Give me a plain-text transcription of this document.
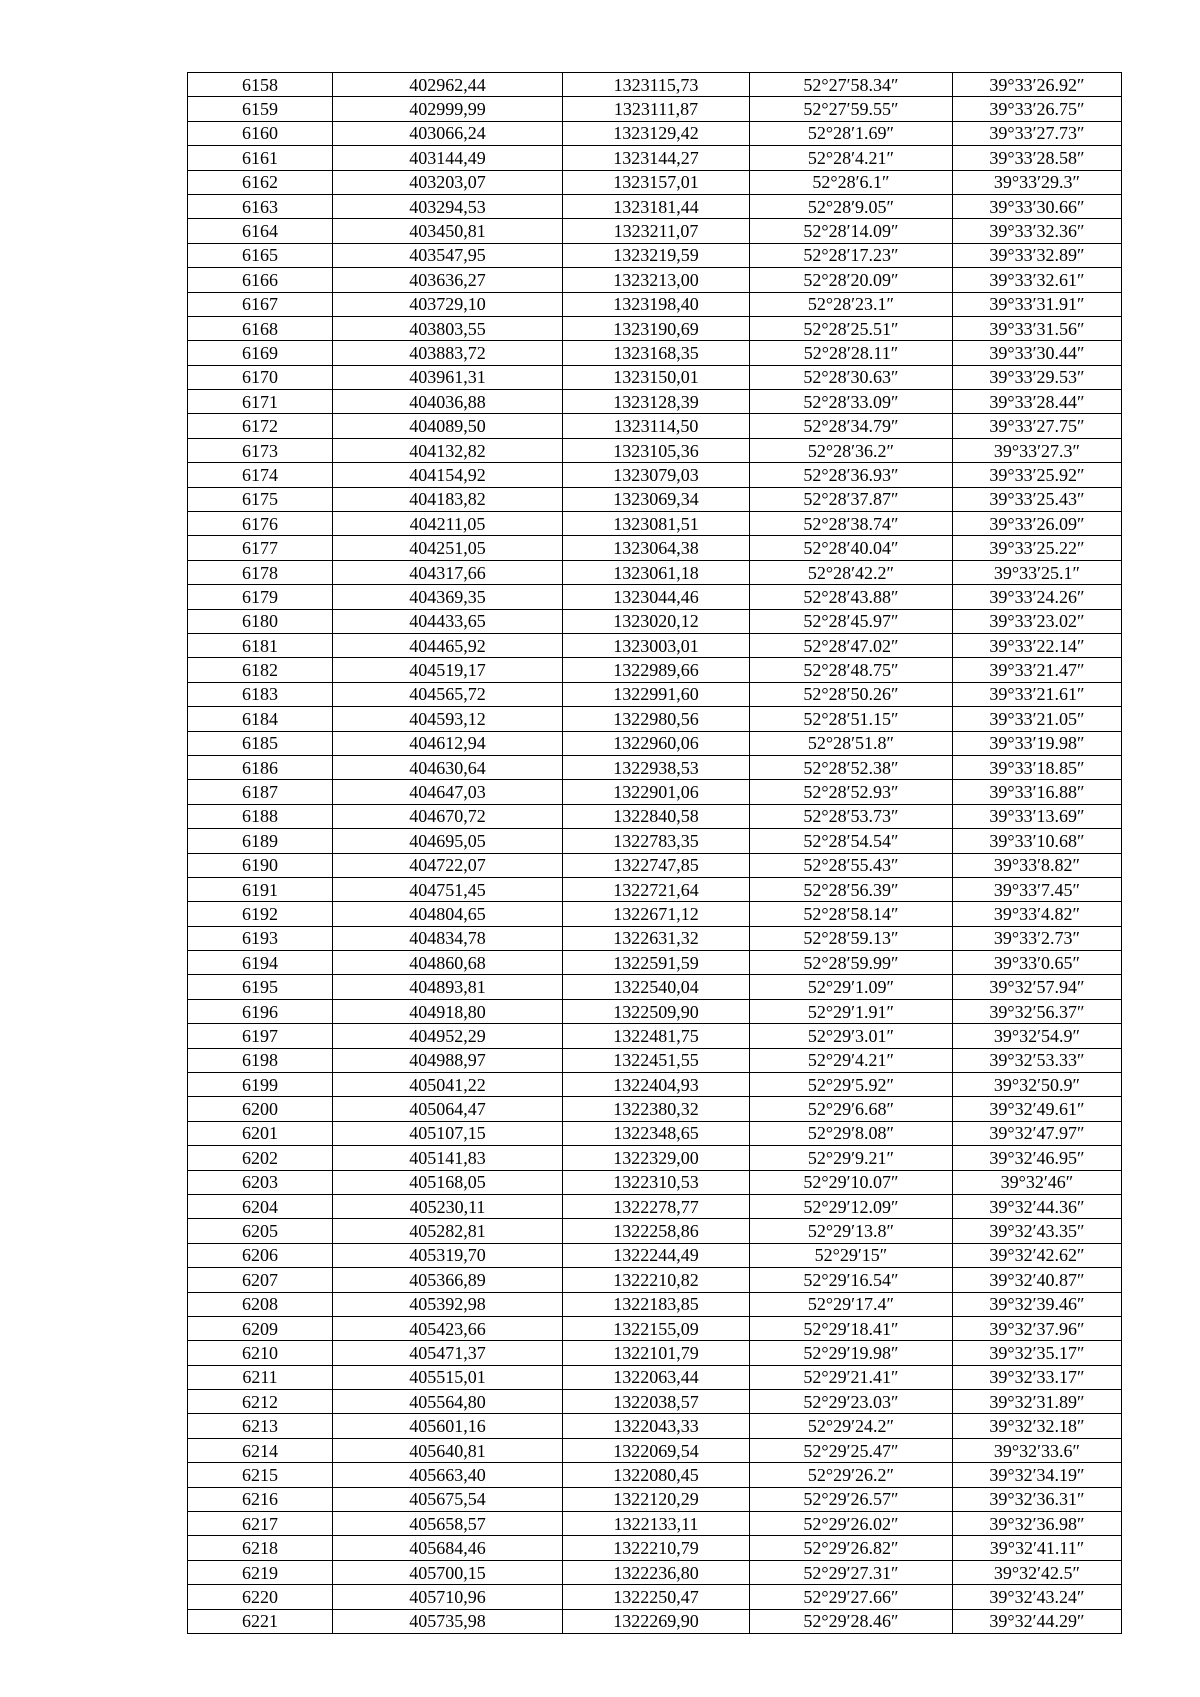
6158	402962,44	1323115,73	52°27′58.34″	39°33′26.92″
6159	402999,99	1323111,87	52°27′59.55″	39°33′26.75″
6160	403066,24	1323129,42	52°28′1.69″	39°33′27.73″
6161	403144,49	1323144,27	52°28′4.21″	39°33′28.58″
6162	403203,07	1323157,01	52°28′6.1″	39°33′29.3″
6163	403294,53	1323181,44	52°28′9.05″	39°33′30.66″
6164	403450,81	1323211,07	52°28′14.09″	39°33′32.36″
6165	403547,95	1323219,59	52°28′17.23″	39°33′32.89″
6166	403636,27	1323213,00	52°28′20.09″	39°33′32.61″
6167	403729,10	1323198,40	52°28′23.1″	39°33′31.91″
6168	403803,55	1323190,69	52°28′25.51″	39°33′31.56″
6169	403883,72	1323168,35	52°28′28.11″	39°33′30.44″
6170	403961,31	1323150,01	52°28′30.63″	39°33′29.53″
6171	404036,88	1323128,39	52°28′33.09″	39°33′28.44″
6172	404089,50	1323114,50	52°28′34.79″	39°33′27.75″
6173	404132,82	1323105,36	52°28′36.2″	39°33′27.3″
6174	404154,92	1323079,03	52°28′36.93″	39°33′25.92″
6175	404183,82	1323069,34	52°28′37.87″	39°33′25.43″
6176	404211,05	1323081,51	52°28′38.74″	39°33′26.09″
6177	404251,05	1323064,38	52°28′40.04″	39°33′25.22″
6178	404317,66	1323061,18	52°28′42.2″	39°33′25.1″
6179	404369,35	1323044,46	52°28′43.88″	39°33′24.26″
6180	404433,65	1323020,12	52°28′45.97″	39°33′23.02″
6181	404465,92	1323003,01	52°28′47.02″	39°33′22.14″
6182	404519,17	1322989,66	52°28′48.75″	39°33′21.47″
6183	404565,72	1322991,60	52°28′50.26″	39°33′21.61″
6184	404593,12	1322980,56	52°28′51.15″	39°33′21.05″
6185	404612,94	1322960,06	52°28′51.8″	39°33′19.98″
6186	404630,64	1322938,53	52°28′52.38″	39°33′18.85″
6187	404647,03	1322901,06	52°28′52.93″	39°33′16.88″
6188	404670,72	1322840,58	52°28′53.73″	39°33′13.69″
6189	404695,05	1322783,35	52°28′54.54″	39°33′10.68″
6190	404722,07	1322747,85	52°28′55.43″	39°33′8.82″
6191	404751,45	1322721,64	52°28′56.39″	39°33′7.45″
6192	404804,65	1322671,12	52°28′58.14″	39°33′4.82″
6193	404834,78	1322631,32	52°28′59.13″	39°33′2.73″
6194	404860,68	1322591,59	52°28′59.99″	39°33′0.65″
6195	404893,81	1322540,04	52°29′1.09″	39°32′57.94″
6196	404918,80	1322509,90	52°29′1.91″	39°32′56.37″
6197	404952,29	1322481,75	52°29′3.01″	39°32′54.9″
6198	404988,97	1322451,55	52°29′4.21″	39°32′53.33″
6199	405041,22	1322404,93	52°29′5.92″	39°32′50.9″
6200	405064,47	1322380,32	52°29′6.68″	39°32′49.61″
6201	405107,15	1322348,65	52°29′8.08″	39°32′47.97″
6202	405141,83	1322329,00	52°29′9.21″	39°32′46.95″
6203	405168,05	1322310,53	52°29′10.07″	39°32′46″
6204	405230,11	1322278,77	52°29′12.09″	39°32′44.36″
6205	405282,81	1322258,86	52°29′13.8″	39°32′43.35″
6206	405319,70	1322244,49	52°29′15″	39°32′42.62″
6207	405366,89	1322210,82	52°29′16.54″	39°32′40.87″
6208	405392,98	1322183,85	52°29′17.4″	39°32′39.46″
6209	405423,66	1322155,09	52°29′18.41″	39°32′37.96″
6210	405471,37	1322101,79	52°29′19.98″	39°32′35.17″
6211	405515,01	1322063,44	52°29′21.41″	39°32′33.17″
6212	405564,80	1322038,57	52°29′23.03″	39°32′31.89″
6213	405601,16	1322043,33	52°29′24.2″	39°32′32.18″
6214	405640,81	1322069,54	52°29′25.47″	39°32′33.6″
6215	405663,40	1322080,45	52°29′26.2″	39°32′34.19″
6216	405675,54	1322120,29	52°29′26.57″	39°32′36.31″
6217	405658,57	1322133,11	52°29′26.02″	39°32′36.98″
6218	405684,46	1322210,79	52°29′26.82″	39°32′41.11″
6219	405700,15	1322236,80	52°29′27.31″	39°32′42.5″
6220	405710,96	1322250,47	52°29′27.66″	39°32′43.24″
6221	405735,98	1322269,90	52°29′28.46″	39°32′44.29″
